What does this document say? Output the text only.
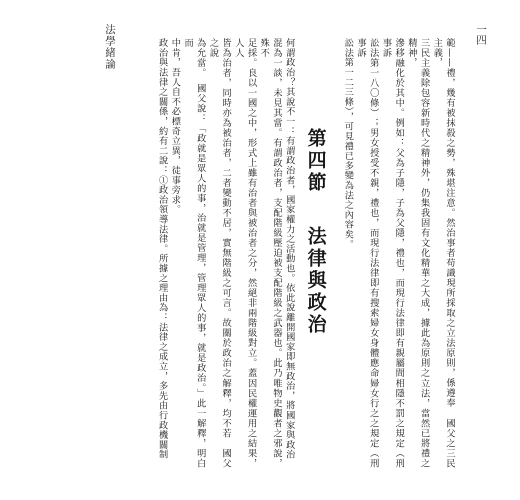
法學緒論	一四

範——禮，幾有被抹殺之勢，殊堪注意。然治事者苟識現所採取之立法原則，係遵奉　國父之三民主義，
三民主義除包容新時代之精神外，仍集我固有文化精華之大成，據此為原則之立法，當然已將禮之精神，
滲移融化於其中。例如：父為子隱，子為父隱，禮也，而現行法律即有親屬間相隱不罰之規定（刑事訴
訟法第一八〇條）；男女授受不親，禮也，而現行法律即有搜索婦女身體應命婦女行之之規定（刑事訴
訟法第一二三條），可見禮已多變為法之內容矣。

第四節 法律與政治

何謂政治？其說不一：有謂政治者，國家權力之活動也。依此說離開國家即無政治，將國家與政治
混為一談，未見其當。有謂政治者，支配階級壓迫被支配階級之武器也。此乃唯物史觀者之邪說，殊不
足採。良以一國之中，形式上雖有治者與被治者之分，然絕非兩階級對立。蓋因民權運用之結果，人人
皆為治者，同時亦為被治者，二者變動不居，實無階級之可言。故關於政治之解釋，均不若　國父之說
為允當。　國父說：「政就是眾人的事，治就是管理，管理眾人的事，就是政治。」此一解釋，明白而
中肯，吾人自不必標奇立異，徒事旁求。

政治與法律之關係，約有二說：①政治領導法律。所據之理由為：法律之成立，多先由行政機關制
